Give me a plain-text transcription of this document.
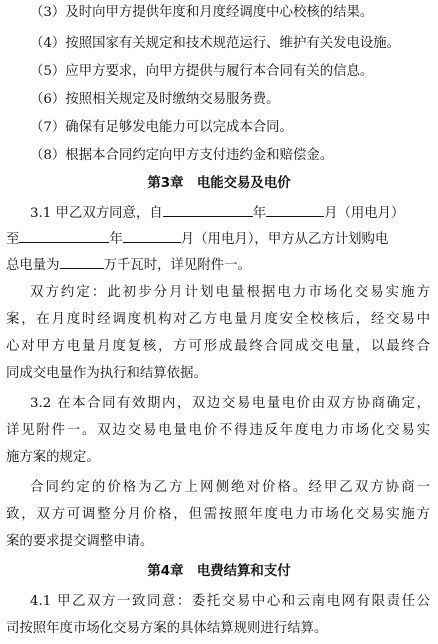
（3）及时向甲方提供年度和月度经调度中心校核的结果。
（4）按照国家有关规定和技术规范运行、维护有关发电设施。
（5）应甲方要求，向甲方提供与履行本合同有关的信息。
（6）按照相关规定及时缴纳交易服务费。
（7）确保有足够发电能力可以完成本合同。
（8）根据本合同约定向甲方支付违约金和赔偿金。
第3章　电能交易及电价
3.1 甲乙双方同意，自	年	月（用电月）
至	年	月（用电月），甲方从乙方计划购电
总电量为	万千瓦时，详见附件一。
双方约定：此初步分月计划电量根据电力市场化交易实施方
案，在月度时经调度机构对乙方电量月度安全校核后，经交易中
心对甲方电量月度复核，方可形成最终合同成交电量，以最终合
同成交电量作为执行和结算依据。
3.2 在本合同有效期内，双边交易电量电价由双方协商确定，
详见附件一。双边交易电量电价不得违反年度电力市场化交易实
施方案的规定。
合同约定的价格为乙方上网侧绝对价格。经甲乙双方协商一
致，双方可调整分月价格，但需按照年度电力市场化交易实施方
案的要求提交调整申请。
第4章　电费结算和支付
4.1 甲乙双方一致同意：委托交易中心和云南电网有限责任公
司按照年度市场化交易方案的具体结算规则进行结算。
